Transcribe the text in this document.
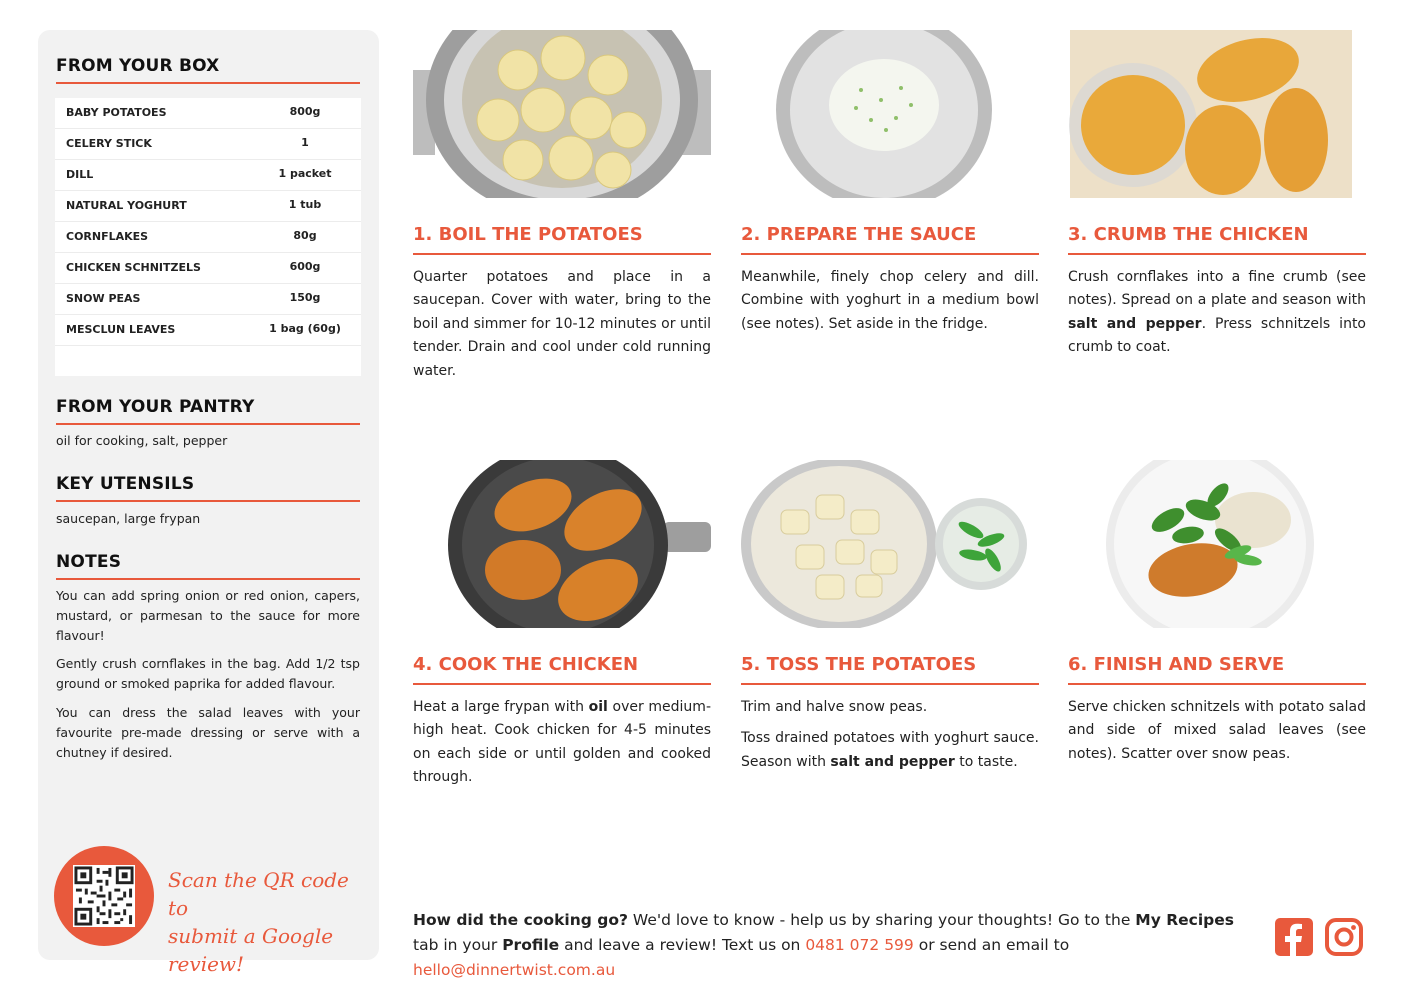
FROM YOUR BOX
BABY POTATOES	800g
CELERY STICK	1
DILL	1 packet
NATURAL YOGHURT	1 tub
CORNFLAKES	80g
CHICKEN SCHNITZELS	600g
SNOW PEAS	150g
MESCLUN LEAVES	1 bag (60g)
FROM YOUR PANTRY
oil for cooking, salt, pepper
KEY UTENSILS
saucepan, large frypan
NOTES
You can add spring onion or red onion, capers, mustard, or parmesan to the sauce for more flavour!
Gently crush cornflakes in the bag. Add 1/2 tsp ground or smoked paprika for added flavour.
You can dress the salad leaves with your favourite pre-made dressing or serve with a chutney if desired.
Scan the QR code to
submit a Google review!
1. BOIL THE POTATOES

Quarter potatoes and place in a saucepan. Cover with water, bring to the boil and simmer for 10-12 minutes or until tender. Drain and cool under cold running water.

2. PREPARE THE SAUCE

Meanwhile, finely chop celery and dill. Combine with yoghurt in a medium bowl (see notes). Set aside in the fridge.

3. CRUMB THE CHICKEN

Crush cornflakes into a fine crumb (see notes). Spread on a plate and season with salt and pepper. Press schnitzels into crumb to coat.

4. COOK THE CHICKEN

Heat a large frypan with oil over medium-high heat. Cook chicken for 4-5 minutes on each side or until golden and cooked through.

5. TOSS THE POTATOES

Trim and halve snow peas.

Toss drained potatoes with yoghurt sauce. Season with salt and pepper to taste.

6. FINISH AND SERVE

Serve chicken schnitzels with potato salad and side of mixed salad leaves (see notes). Scatter over snow peas.

How did the cooking go? We'd love to know - help us by sharing your thoughts! Go to the My Recipes tab in your Profile and leave a review! Text us on 0481 072 599 or send an email to hello@dinnertwist.com.au
